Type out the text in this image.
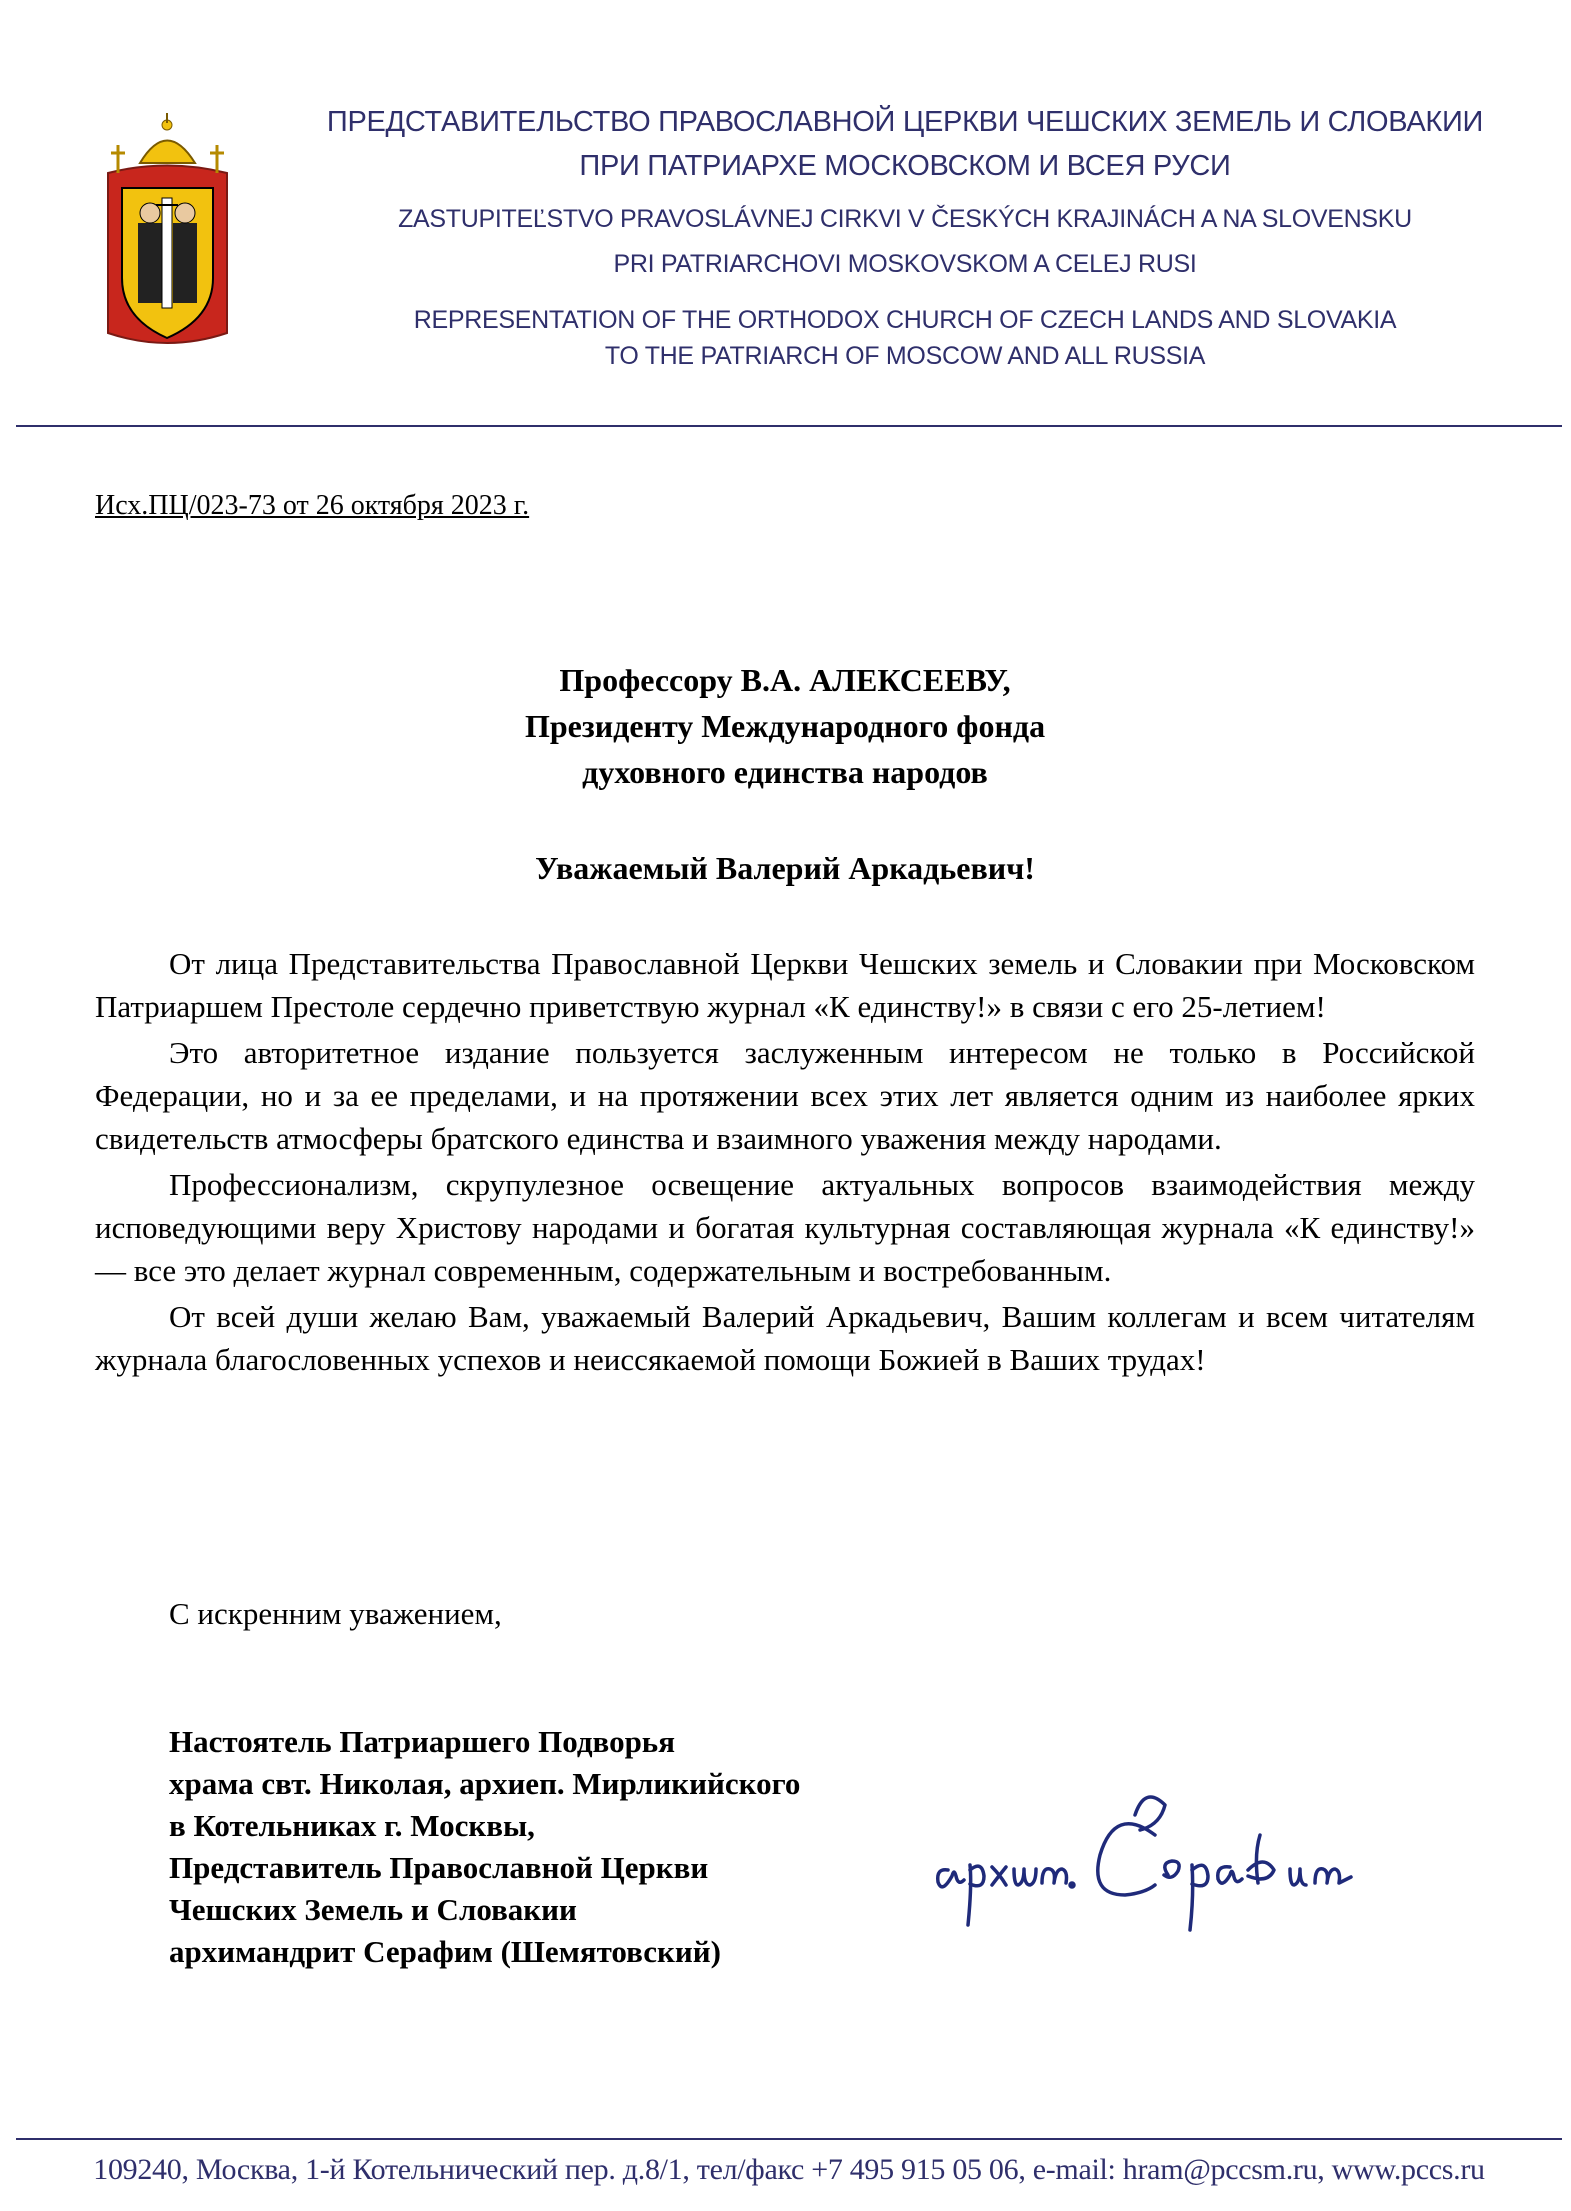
ПРЕДСТАВИТЕЛЬСТВО ПРАВОСЛАВНОЙ ЦЕРКВИ ЧЕШСКИХ ЗЕМЕЛЬ И СЛОВАКИИ
ПРИ ПАТРИАРХЕ МОСКОВСКОМ И ВСЕЯ РУСИ
ZASTUPITEĽSTVO PRAVOSLÁVNEJ CIRKVI V ČESKÝCH KRAJINÁCH A NA SLOVENSKU
PRI PATRIARCHOVI MOSKOVSKOM A CELEJ RUSI
REPRESENTATION OF THE ORTHODOX CHURCH OF CZECH LANDS AND SLOVAKIA
TO THE PATRIARCH OF MOSCOW AND ALL RUSSIA
Исх.ПЦ/023-73 от 26 октября 2023 г.
Профессору В.А. АЛЕКСЕЕВУ,
Президенту Международного фонда
духовного единства народов
Уважаемый Валерий Аркадьевич!

От лица Представительства Православной Церкви Чешских земель и Словакии при Московском Патриаршем Престоле сердечно приветствую журнал «К единству!» в связи с его 25-летием!

Это авторитетное издание пользуется заслуженным интересом не только в Российской Федерации, но и за ее пределами, и на протяжении всех этих лет является одним из наиболее ярких свидетельств атмосферы братского единства и взаимного уважения между народами.

Профессионализм, скрупулезное освещение актуальных вопросов взаимодействия между исповедующими веру Христову народами и богатая культурная составляющая журнала «К единству!» — все это делает журнал современным, содержательным и востребованным.

От всей души желаю Вам, уважаемый Валерий Аркадьевич, Вашим коллегам и всем читателям журнала благословенных успехов и неиссякаемой помощи Божией в Ваших трудах!

С искренним уважением,
Настоятель Патриаршего Подворья
храма свт. Николая, архиеп. Мирликийского
в Котельниках г. Москвы,
Представитель Православной Церкви
Чешских Земель и Словакии
архимандрит Серафим (Шемятовский)
109240, Москва, 1-й Котельнический пер. д.8/1, тел/факс +7 495 915 05 06, e-mail: hram@pccsm.ru, www.pccs.ru
